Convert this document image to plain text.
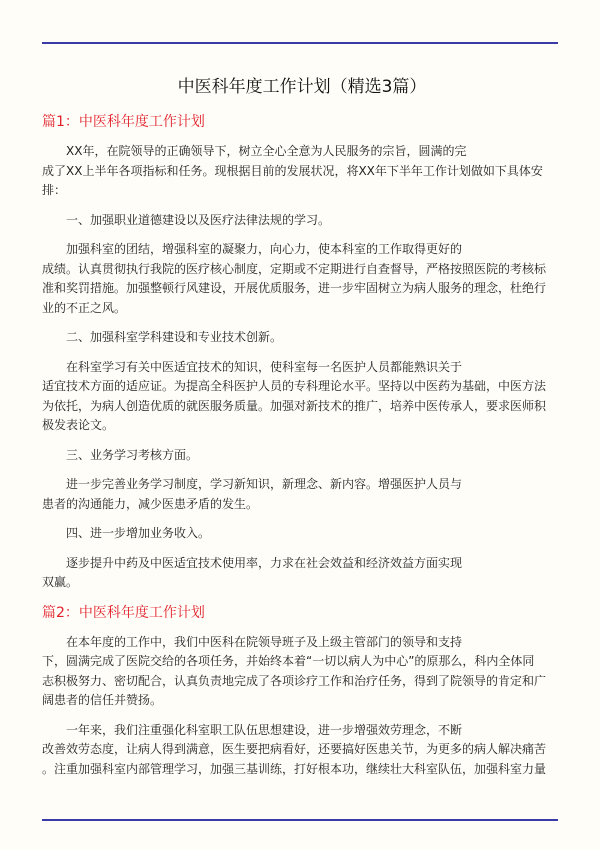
中医科年度工作计划（精选3篇）
篇1：中医科年度工作计划
XX年，在院领导的正确领导下，树立全心全意为人民服务的宗旨，圆满的完
成了XX上半年各项指标和任务。现根据目前的发展状况，将XX年下半年工作计划做如下具体安
排：
一、加强职业道德建设以及医疗法律法规的学习。
加强科室的团结，增强科室的凝聚力，向心力，使本科室的工作取得更好的
成绩。认真贯彻执行我院的医疗核心制度，定期或不定期进行自查督导，严格按照医院的考核标
准和奖罚措施。加强整顿行风建设，开展优质服务，进一步牢固树立为病人服务的理念，杜绝行
业的不正之风。
二、加强科室学科建设和专业技术创新。
在科室学习有关中医适宜技术的知识，使科室每一名医护人员都能熟识关于
适宜技术方面的适应证。为提高全科医护人员的专科理论水平。坚持以中医药为基础，中医方法
为依托，为病人创造优质的就医服务质量。加强对新技术的推广，培养中医传承人，要求医师积
极发表论文。
三、业务学习考核方面。
进一步完善业务学习制度，学习新知识，新理念、新内容。增强医护人员与
患者的沟通能力，减少医患矛盾的发生。
四、进一步增加业务收入。
逐步提升中药及中医适宜技术使用率，力求在社会效益和经济效益方面实现
双赢。
篇2：中医科年度工作计划
在本年度的工作中，我们中医科在院领导班子及上级主管部门的领导和支持
下，圆满完成了医院交给的各项任务，并始终本着“一切以病人为中心”的原那么，科内全体同
志积极努力、密切配合，认真负责地完成了各项诊疗工作和治疗任务，得到了院领导的肯定和广
阔患者的信任并赞扬。
一年来，我们注重强化科室职工队伍思想建设，进一步增强效劳理念，不断
改善效劳态度，让病人得到满意，医生要把病看好，还要搞好医患关节，为更多的病人解决痛苦
。注重加强科室内部管理学习，加强三基训练，打好根本功，继续壮大科室队伍，加强科室力量
